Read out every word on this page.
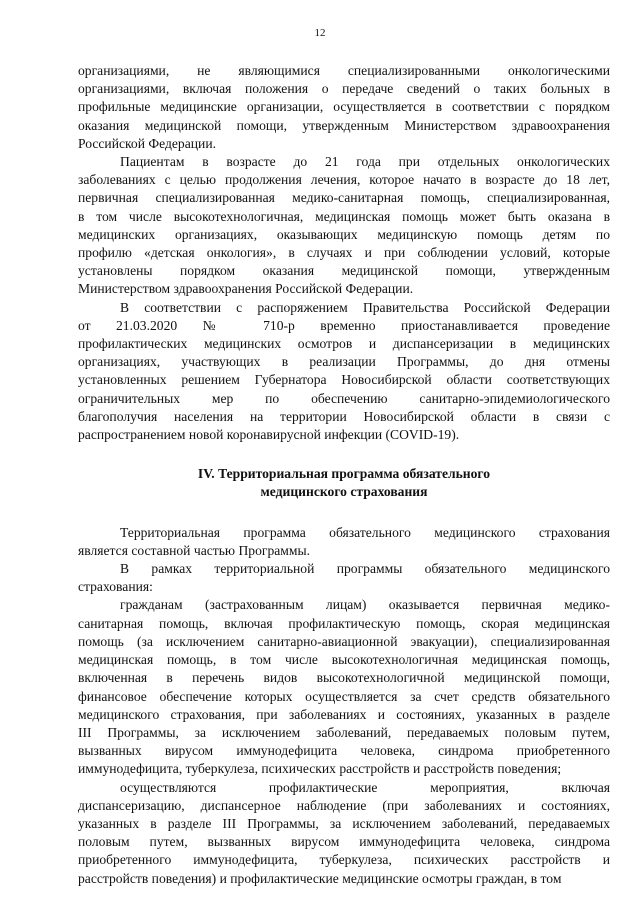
12

организациями, не являющимися специализированными онкологическими

организациями, включая положения о передаче сведений о таких больных в

профильные медицинские организации, осуществляется в соответствии с порядком

оказания медицинской помощи, утвержденным Министерством здравоохранения

Российской Федерации.

Пациентам в возрасте до 21 года при отдельных онкологических

заболеваниях с целью продолжения лечения, которое начато в возрасте до 18 лет,

первичная специализированная медико-санитарная помощь, специализированная,

в том числе высокотехнологичная, медицинская помощь может быть оказана в

медицинских организациях, оказывающих медицинскую помощь детям по

профилю «детская онкология», в случаях и при соблюдении условий, которые

установлены порядком оказания медицинской помощи, утвержденным

Министерством здравоохранения Российской Федерации.

В соответствии с распоряжением Правительства Российской Федерации

от 21.03.2020 № 710-р временно приостанавливается проведение

профилактических медицинских осмотров и диспансеризации в медицинских

организациях, участвующих в реализации Программы, до дня отмены

установленных решением Губернатора Новосибирской области соответствующих

ограничительных мер по обеспечению санитарно-эпидемиологического

благополучия населения на территории Новосибирской области в связи с

распространением новой коронавирусной инфекции (COVID-19).

IV. Территориальная программа обязательного
медицинского страхования

Территориальная программа обязательного медицинского страхования

является составной частью Программы.

В рамках территориальной программы обязательного медицинского

страхования:

гражданам (застрахованным лицам) оказывается первичная медико-

санитарная помощь, включая профилактическую помощь, скорая медицинская

помощь (за исключением санитарно-авиационной эвакуации), специализированная

медицинская помощь, в том числе высокотехнологичная медицинская помощь,

включенная в перечень видов высокотехнологичной медицинской помощи,

финансовое обеспечение которых осуществляется за счет средств обязательного

медицинского страхования, при заболеваниях и состояниях, указанных в разделе

III Программы, за исключением заболеваний, передаваемых половым путем,

вызванных вирусом иммунодефицита человека, синдрома приобретенного

иммунодефицита, туберкулеза, психических расстройств и расстройств поведения;

осуществляются профилактические мероприятия, включая

диспансеризацию, диспансерное наблюдение (при заболеваниях и состояниях,

указанных в разделе III Программы, за исключением заболеваний, передаваемых

половым путем, вызванных вирусом иммунодефицита человека, синдрома

приобретенного иммунодефицита, туберкулеза, психических расстройств и

расстройств поведения) и профилактические медицинские осмотры граждан, в том
